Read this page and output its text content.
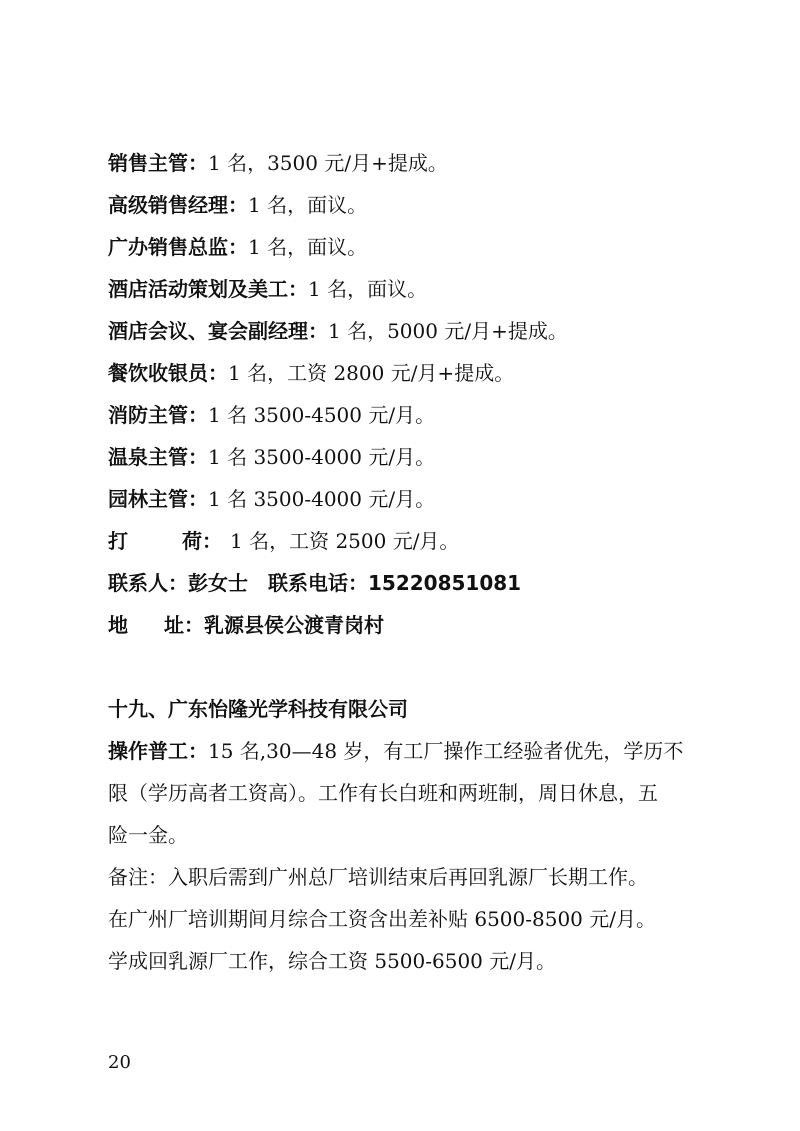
销售主管：1 名，3500 元/月+提成。
高级销售经理：1 名，面议。
广办销售总监：1 名，面议。
酒店活动策划及美工：1 名，面议。
酒店会议、宴会副经理：1 名，5000 元/月+提成。
餐饮收银员：1 名，工资 2800 元/月+提成。
消防主管：1 名 3500-4500 元/月。
温泉主管：1 名 3500-4000 元/月。
园林主管：1 名 3500-4000 元/月。
打	荷： 1 名，工资 2500 元/月。
联系人：彭女士 联系电话：15220851081
地 址：乳源县侯公渡青岗村
十九、广东怡隆光学科技有限公司
操作普工：15 名,30—48 岁，有工厂操作工经验者优先，学历不
限（学历高者工资高）。工作有长白班和两班制，周日休息，五
险一金。
备注：入职后需到广州总厂培训结束后再回乳源厂长期工作。
在广州厂培训期间月综合工资含出差补贴 6500-8500 元/月。
学成回乳源厂工作，综合工资 5500-6500 元/月。
20
